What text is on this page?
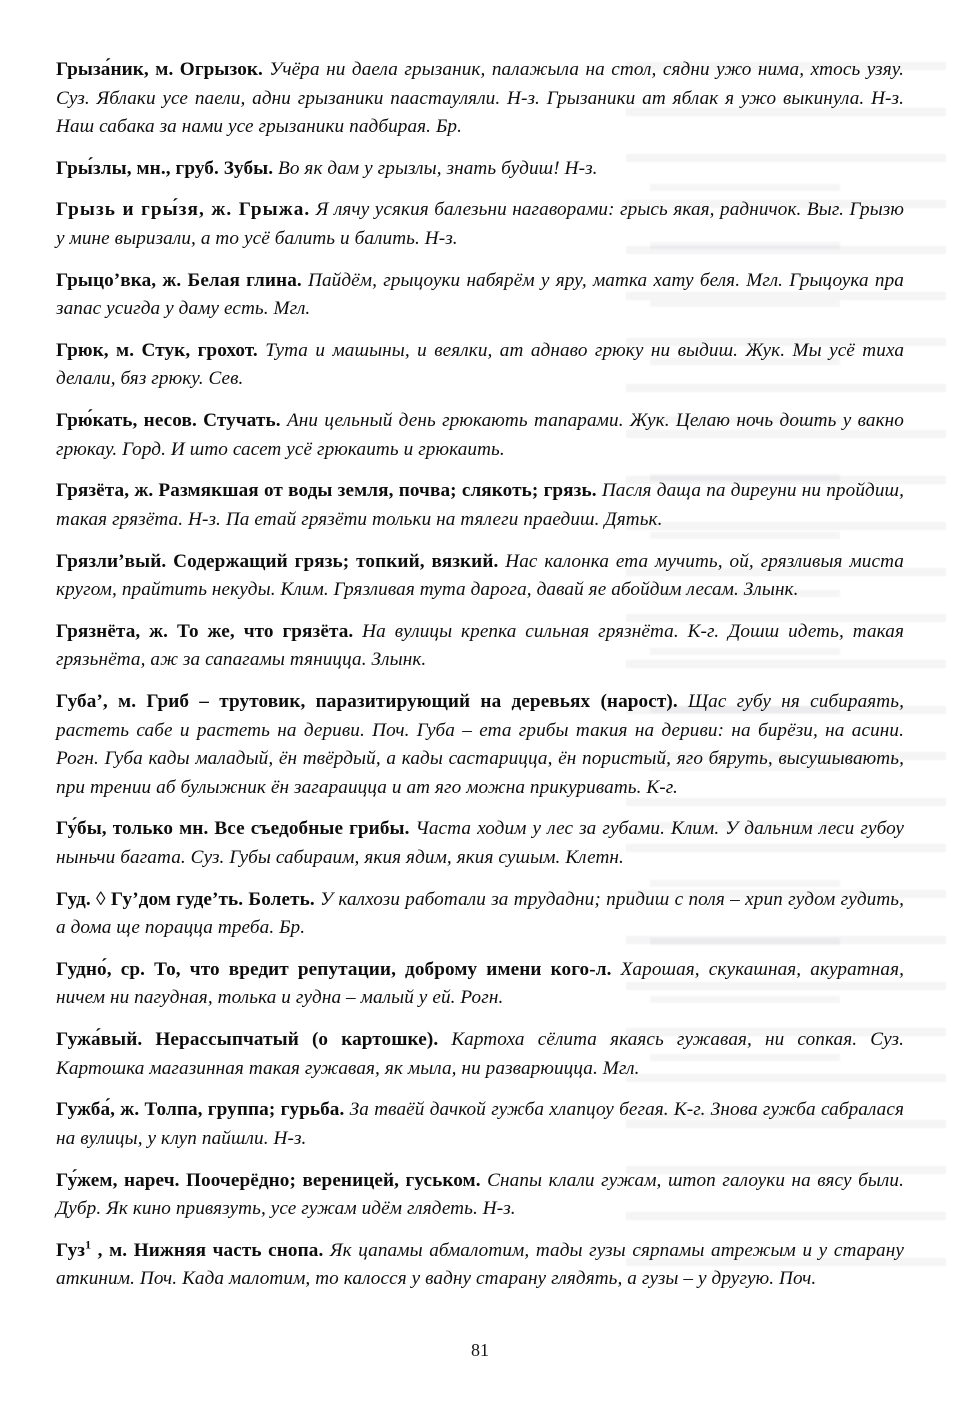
Грыза́ник, м. Огрызок. Учёра ни даела грызаник, палажыла на стол, сядни ужо нима, хтось узяу. Суз. Яблаки усе паели, адни грызаники паастауляли. Н-з. Грызаники ат яблак я ужо выкинула. Н-з. Наш сабака за нами усе грызаники падбирая. Бр.

Гры́злы, мн., груб. Зубы. Во як дам у грызлы, знать будиш! Н-з.

Грызь и гры́зя, ж. Грыжа. Я лячу усякия балезьни нагаворами: грысь якая, радничок. Выг. Грызю у мине выризали, а то усё балить и балить. Н-з.

Грыцо’вка, ж. Белая глина. Пайдём, грыцоуки набярём у яру, матка хату беля. Мгл. Грыцоука пра запас усигда у даму есть. Мгл.

Грюк, м. Стук, грохот. Тута и машыны, и веялки, ат аднаво грюку ни выдиш. Жук. Мы усё тиха делали, бяз грюку. Сев.

Грю́кать, несов. Стучать. Ани цельный день грюкають тапарами. Жук. Целаю ночь дошть у вакно грюкау. Горд. И што сасет усё грюкаить и грюкаить.

Грязёта, ж. Размякшая от воды земля, почва; слякоть; грязь. Пасля даща па диреуни ни пройдиш, такая грязёта. Н-з. Па етай грязёти тольки на тялеги праедиш. Дятьк.

Грязли’вый. Содержащий грязь; топкий, вязкий. Нас калонка ета мучить, ой, грязливыя миста кругом, прайтить некуды. Клим. Грязливая тута дарога, давай яе абойдим лесам. Злынк.

Грязнёта, ж. То же, что грязёта. На вулицы крепка сильная грязнёта. К-г. Дошш идеть, такая грязьнёта, аж за сапагамы тяницца. Злынк.

Губа’, м. Гриб – трутовик, паразитирующий на деревьях (нарост). Щас губу ня сибираять, растеть сабе и растеть на дериви. Поч. Губа – ета грибы такия на дериви: на бирёзи, на асини. Рогн. Губа кады маладый, ён твёрдый, а кады састарицца, ён пористый, яго бяруть, высушывають, при трении аб булыжник ён загараицца и ат яго можна прикуривать. К-г.

Гу́бы, только мн. Все съедобные грибы. Часта ходим у лес за губами. Клим. У дальним леси губоу ныньчи багата. Суз. Губы сабираим, якия ядим, якия сушым. Клетн.

Гуд. ◊ Гу’дом гуде’ть. Болеть. У калхози работали за трудадни; придиш с поля – хрип гудом гудить, а дома ще порацца треба. Бр.

Гудно́, ср. То, что вредит репутации, доброму имени кого-л. Харошая, скукашная, акуратная, ничем ни пагудная, толька и гудна – малый у ей. Рогн.

Гужа́вый. Нерассыпчатый (о картошке). Картоха сёлита якаясь гужавая, ни сопкая. Суз. Картошка магазинная такая гужавая, як мыла, ни разварюицца. Мгл.

Гужба́, ж. Толпа, группа; гурьба. За тваёй дачкой гужба хлапцоу бегая. К-г. Знова гужба сабралася на вулицы, у клуп пайшли. Н-з.

Гу́жем, нареч. Поочерёдно; вереницей, гуськом. Снапы клали гужам, штоп галоуки на вясу были. Дубр. Як кино привязуть, усе гужам идём глядеть. Н-з.

Гуз$^1$ , м. Нижняя часть снопа. Як цапамы абмалотим, тады гузы сярпамы атрежым и у старану аткиним. Поч. Када малотим, то калосся у вадну старану глядять, а гузы – у другую. Поч.

81
